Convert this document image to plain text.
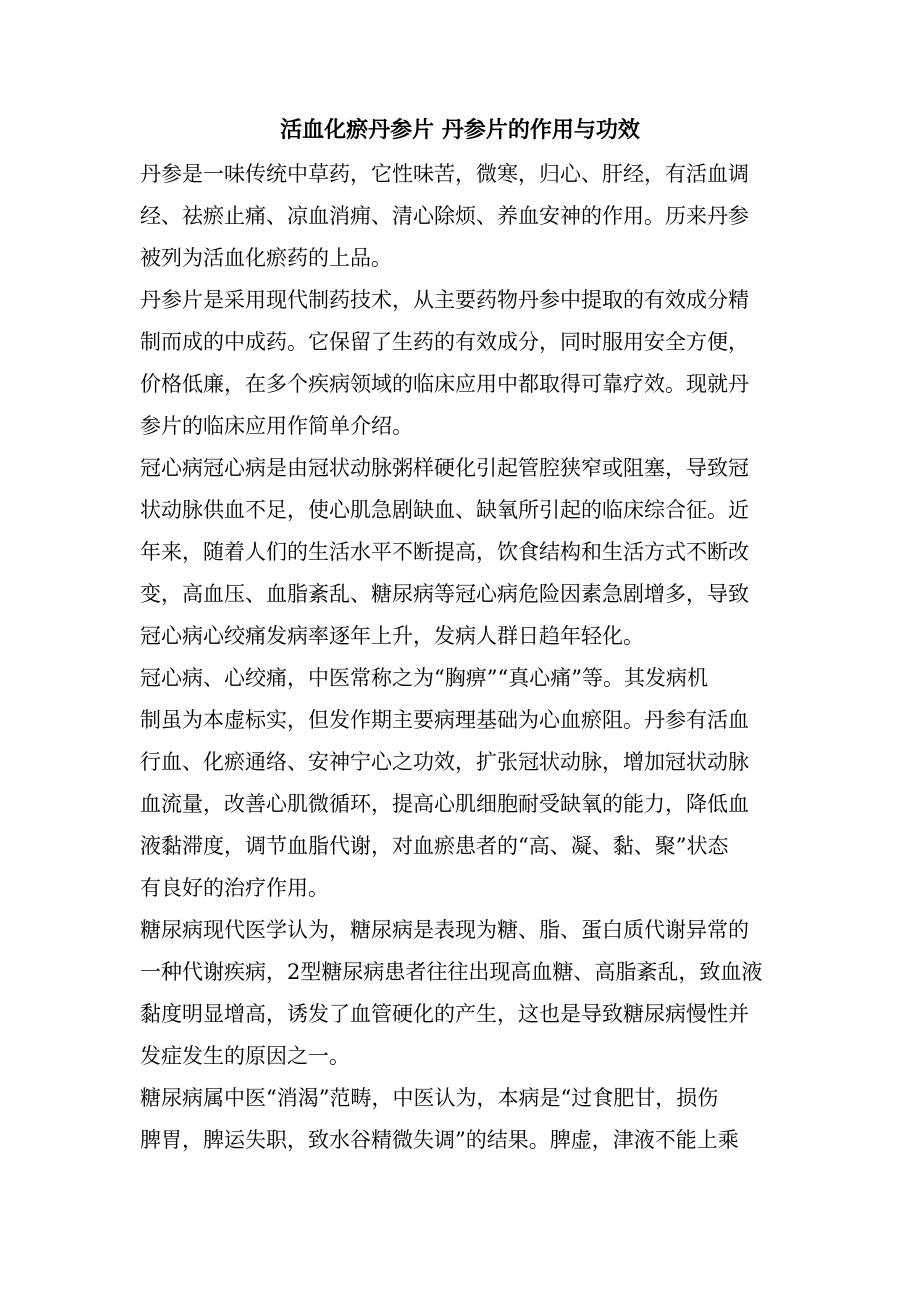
活血化瘀丹参片 丹参片的作用与功效

丹参是一味传统中草药，它性味苦，微寒，归心、肝经，有活血调
经、祛瘀止痛、凉血消痈、清心除烦、养血安神的作用。历来丹参
被列为活血化瘀药的上品。

丹参片是采用现代制药技术，从主要药物丹参中提取的有效成分精
制而成的中成药。它保留了生药的有效成分，同时服用安全方便，
价格低廉，在多个疾病领域的临床应用中都取得可靠疗效。现就丹
参片的临床应用作简单介绍。

冠心病冠心病是由冠状动脉粥样硬化引起管腔狭窄或阻塞，导致冠
状动脉供血不足，使心肌急剧缺血、缺氧所引起的临床综合征。近
年来，随着人们的生活水平不断提高，饮食结构和生活方式不断改
变，高血压、血脂紊乱、糖尿病等冠心病危险因素急剧增多，导致
冠心病心绞痛发病率逐年上升，发病人群日趋年轻化。

冠心病、心绞痛，中医常称之为“胸痹”“真心痛”等。其发病机
制虽为本虚标实，但发作期主要病理基础为心血瘀阻。丹参有活血
行血、化瘀通络、安神宁心之功效，扩张冠状动脉，增加冠状动脉
血流量，改善心肌微循环，提高心肌细胞耐受缺氧的能力，降低血
液黏滞度，调节血脂代谢，对血瘀患者的“高、凝、黏、聚”状态
有良好的治疗作用。

糖尿病现代医学认为，糖尿病是表现为糖、脂、蛋白质代谢异常的
一种代谢疾病，2型糖尿病患者往往出现高血糖、高脂紊乱，致血液
黏度明显增高，诱发了血管硬化的产生，这也是导致糖尿病慢性并
发症发生的原因之一。

糖尿病属中医“消渴”范畴，中医认为，本病是“过食肥甘，损伤
脾胃，脾运失职，致水谷精微失调”的结果。脾虚，津液不能上乘
